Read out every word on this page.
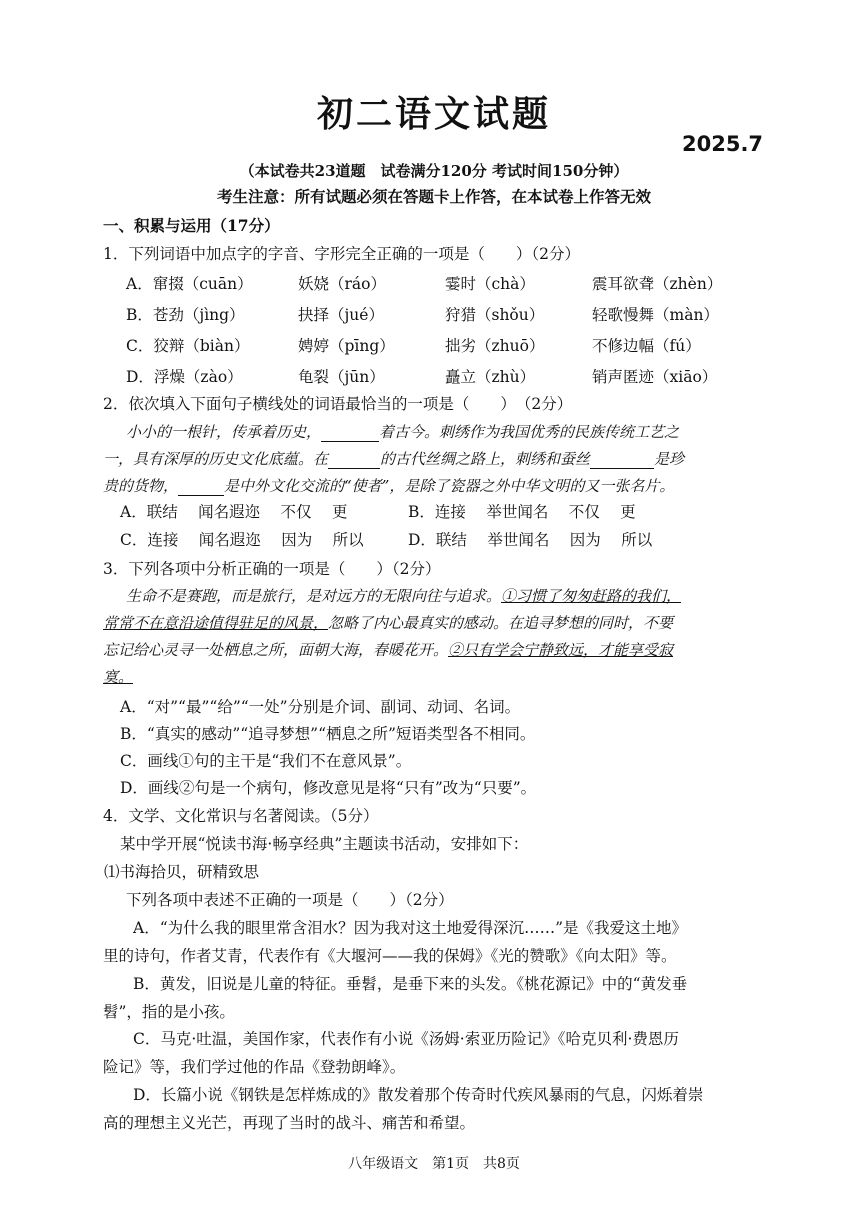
初二语文试题
2025.7
（本试卷共23道题　试卷满分120分 考试时间150分钟）
考生注意：所有试题必须在答题卡上作答，在本试卷上作答无效
一、积累与运用（17分）
1．下列词语中加点字的字音、字形完全正确的一项是（　　）（2分）
A．窜掇（cuān）	妖娆（ráo）	霎时（chà）	震耳欲聋（zhèn）
B．苍劲（jìng）	抉择（jué）	狩猎（shǒu）	轻歌慢舞（màn）
C．狡辩（biàn）	娉婷（pīng）	拙劣（zhuō）	不修边幅（fú）
D．浮燥（zào）	龟裂（jūn）	矗立（zhù）	销声匿迹（xiāo）
2．依次填入下面句子横线处的词语最恰当的一项是（　　）　（2分）
小小的一根针，传承着历史，	着古今。刺绣作为我国优秀的民族传统工艺之
一，具有深厚的历史文化底蕴。在	的古代丝绸之路上，刺绣和蚕丝	是珍
贵的货物，	是中外文化交流的“使者”，是除了瓷器之外中华文明的又一张名片。
A．联结　 闻名遐迩　 不仅　 更	B．连接　 举世闻名　 不仅　 更
C．连接　 闻名遐迩　 因为　 所以	D．联结　 举世闻名　 因为　 所以
3．下列各项中分析正确的一项是（　　）（2分）
生命不是赛跑，而是旅行，是对远方的无限向往与追求。①习惯了匆匆赶路的我们，
常常不在意沿途值得驻足的风景，忽略了内心最真实的感动。在追寻梦想的同时，不要
忘记给心灵寻一处栖息之所，面朝大海，春暖花开。②只有学会宁静致远，才能享受寂
寞。
A．“对”“最”“给”“一处”分别是介词、副词、动词、名词。
B．“真实的感动”“追寻梦想”“栖息之所”短语类型各不相同。
C．画线①句的主干是“我们不在意风景”。
D．画线②句是一个病句，修改意见是将“只有”改为“只要”。
4．文学、文化常识与名著阅读。（5分）
某中学开展“悦读书海·畅享经典”主题读书活动，安排如下：
⑴书海拾贝，研精致思
下列各项中表述不正确的一项是（　　）（2分）
A．“为什么我的眼里常含泪水？因为我对这土地爱得深沉……”是《我爱这土地》
里的诗句，作者艾青，代表作有《大堰河——我的保姆》《光的赞歌》《向太阳》等。
B．黄发，旧说是儿童的特征。垂髫，是垂下来的头发。《桃花源记》中的“黄发垂
髫”，指的是小孩。
C．马克·吐温，美国作家，代表作有小说《汤姆·索亚历险记》《哈克贝利·费恩历
险记》等，我们学过他的作品《登勃朗峰》。
D．长篇小说《钢铁是怎样炼成的》散发着那个传奇时代疾风暴雨的气息，闪烁着崇
高的理想主义光芒，再现了当时的战斗、痛苦和希望。
八年级语文　第1页　共8页
